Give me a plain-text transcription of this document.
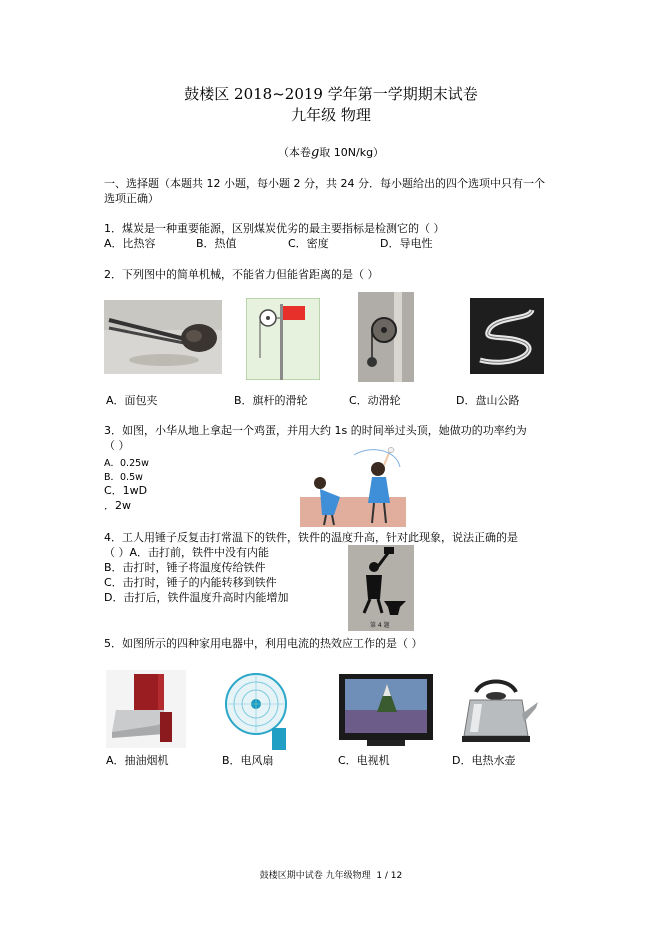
鼓楼区 2018~2019 学年第一学期期末试卷
九年级 物理
（本卷g取 10N/kg）
一、选择题（本题共 12 小题，每小题 2 分，共 24 分．每小题给出的四个选项中只有一个
选项正确）
1．煤炭是一种重要能源，区别煤炭优劣的最主要指标是检测它的（ ）
A．比热容	B．热值	C．密度	D．导电性
2．下列图中的简单机械，不能省力但能省距离的是（ ）
A．面包夹	B．旗杆的滑轮	C．动滑轮	D．盘山公路
3．如图，小华从地上拿起一个鸡蛋，并用大约 1s 的时间举过头顶，她做功的功率约为
（ ）
A．0.25w
B．0.5w
C．1wD
．2w
4．工人用锤子反复击打常温下的铁件，铁件的温度升高，针对此现象，说法正确的是
（ ）A．击打前，铁件中没有内能
B．击打时，锤子将温度传给铁件
C．击打时，锤子的内能转移到铁件
D．击打后，铁件温度升高时内能增加
第 4 题
5．如图所示的四种家用电器中，利用电流的热效应工作的是（ ）
A．抽油烟机	B．电风扇	C．电视机	D．电热水壶
鼓楼区期中试卷 九年级物理 1 / 12
